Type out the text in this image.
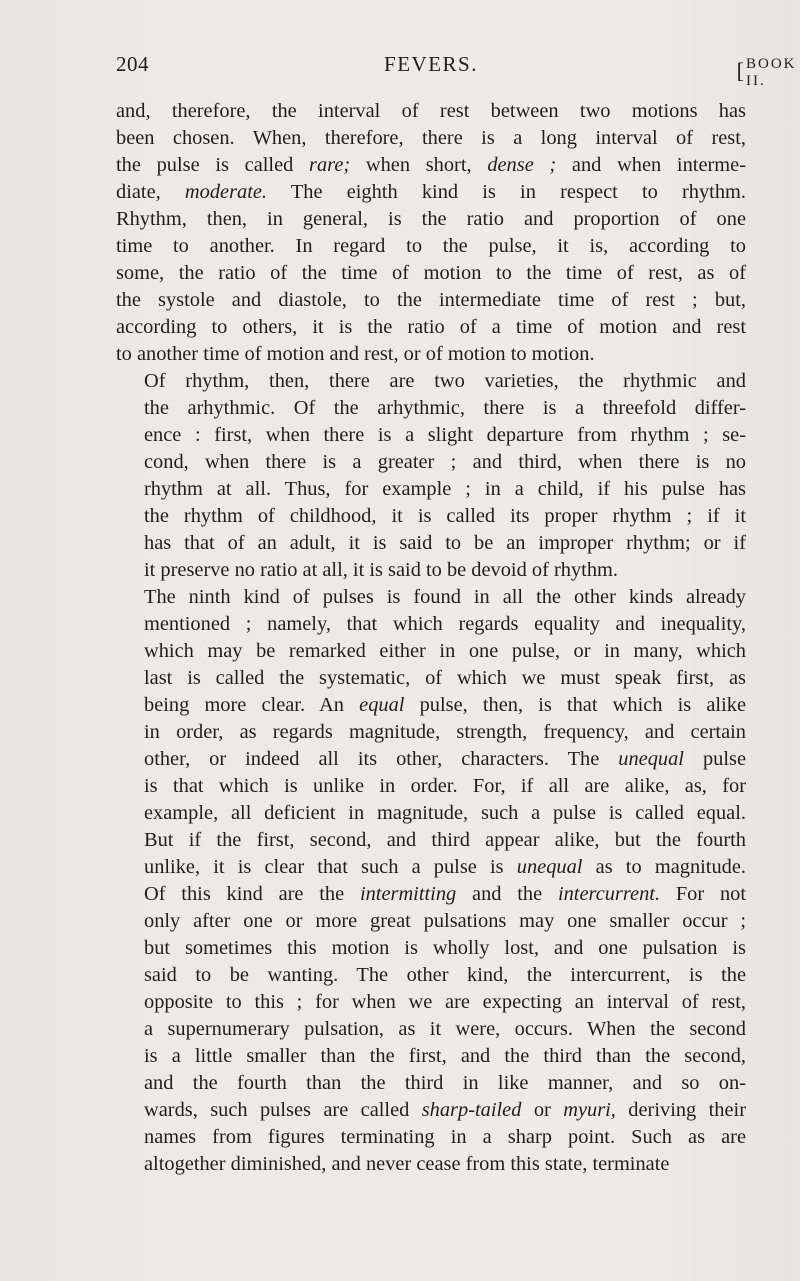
204	FEVERS.	[ BOOK II.
and, therefore, the interval of rest between two motions has
been chosen. When, therefore, there is a long interval of rest,
the pulse is called rare; when short, dense ; and when interme-
diate, moderate. The eighth kind is in respect to rhythm.
Rhythm, then, in general, is the ratio and proportion of one
time to another. In regard to the pulse, it is, according to
some, the ratio of the time of motion to the time of rest, as of
the systole and diastole, to the intermediate time of rest ; but,
according to others, it is the ratio of a time of motion and rest
to another time of motion and rest, or of motion to motion.
Of rhythm, then, there are two varieties, the rhythmic and
the arhythmic. Of the arhythmic, there is a threefold differ-
ence : first, when there is a slight departure from rhythm ; se-
cond, when there is a greater ; and third, when there is no
rhythm at all. Thus, for example ; in a child, if his pulse has
the rhythm of childhood, it is called its proper rhythm ; if it
has that of an adult, it is said to be an improper rhythm; or if
it preserve no ratio at all, it is said to be devoid of rhythm.
The ninth kind of pulses is found in all the other kinds already
mentioned ; namely, that which regards equality and inequality,
which may be remarked either in one pulse, or in many, which
last is called the systematic, of which we must speak first, as
being more clear. An equal pulse, then, is that which is alike
in order, as regards magnitude, strength, frequency, and certain
other, or indeed all its other, characters. The unequal pulse
is that which is unlike in order. For, if all are alike, as, for
example, all deficient in magnitude, such a pulse is called equal.
But if the first, second, and third appear alike, but the fourth
unlike, it is clear that such a pulse is unequal as to magnitude.
Of this kind are the intermitting and the intercurrent. For not
only after one or more great pulsations may one smaller occur ;
but sometimes this motion is wholly lost, and one pulsation is
said to be wanting. The other kind, the intercurrent, is the
opposite to this ; for when we are expecting an interval of rest,
a supernumerary pulsation, as it were, occurs. When the second
is a little smaller than the first, and the third than the second,
and the fourth than the third in like manner, and so on-
wards, such pulses are called sharp-tailed or myuri, deriving their
names from figures terminating in a sharp point. Such as are
altogether diminished, and never cease from this state, terminate
